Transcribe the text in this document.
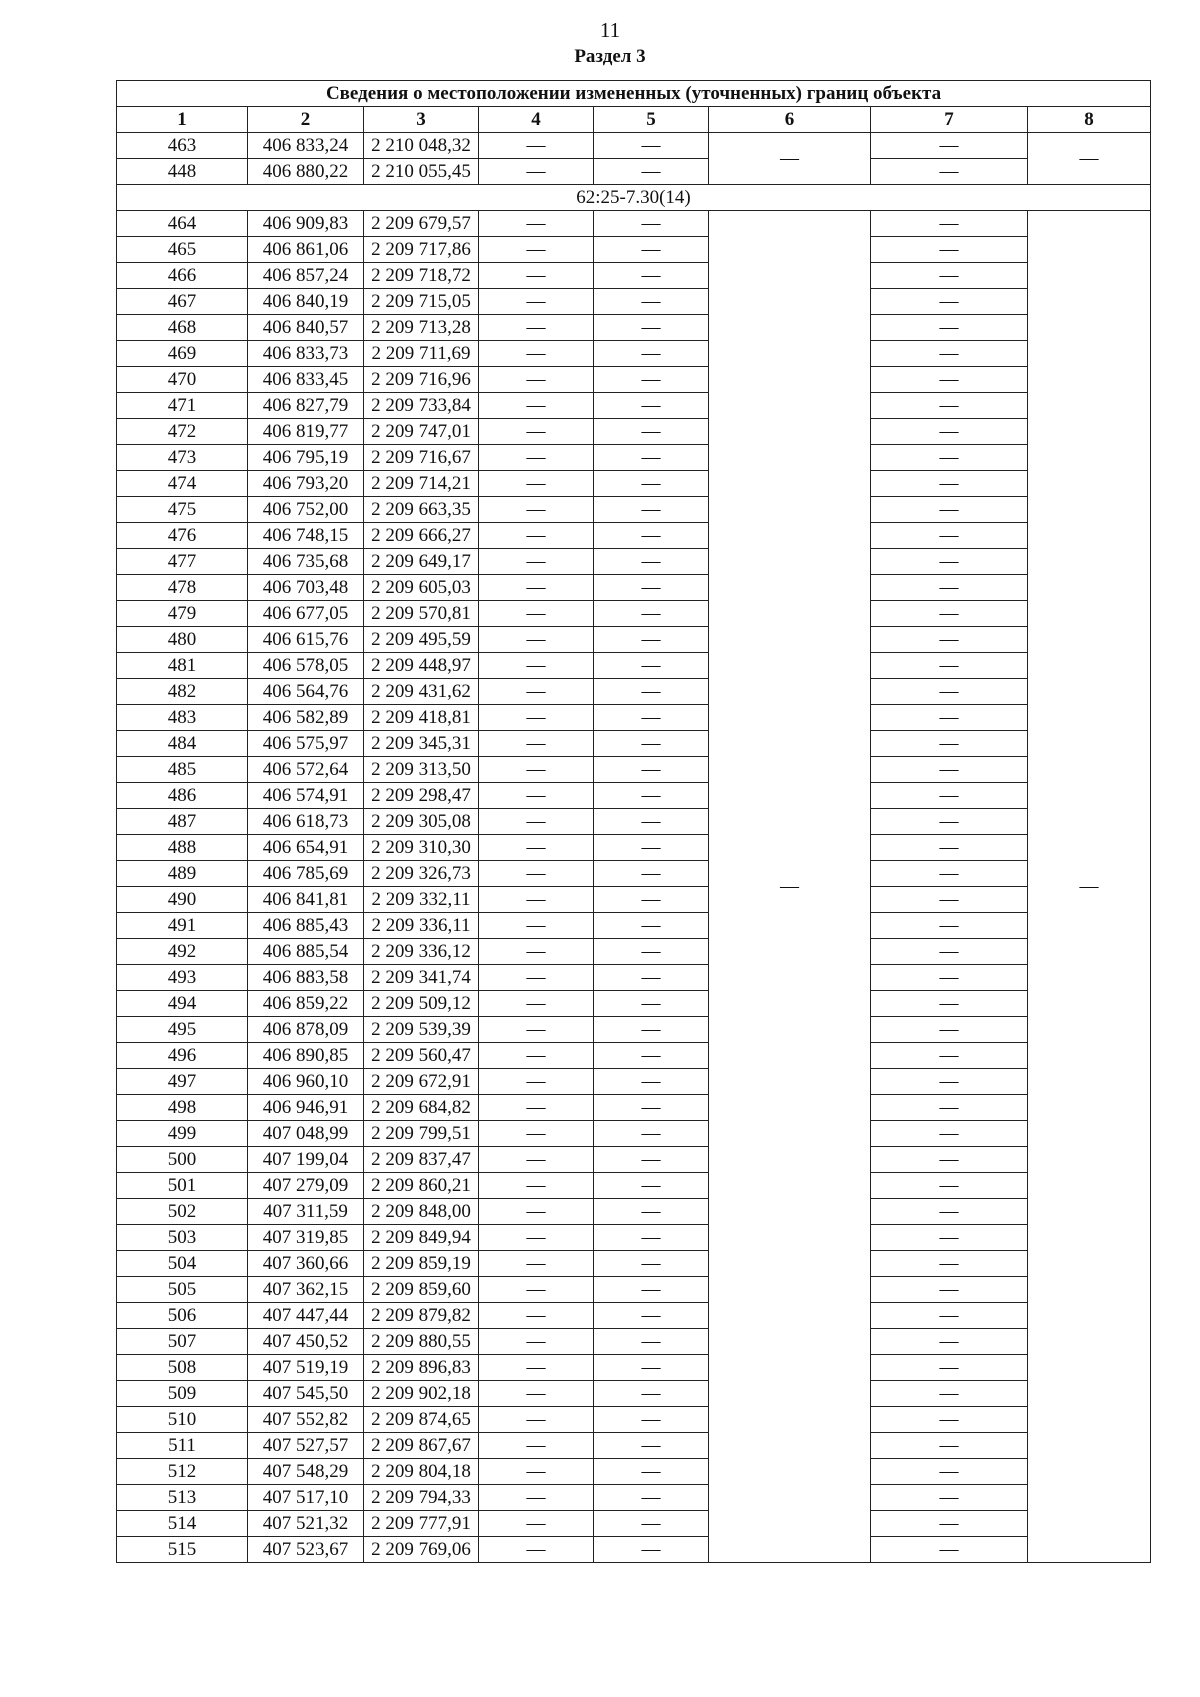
11
Раздел 3
Сведения о местоположении измененных (уточненных) границ объекта							
1	2	3	4	5	6	7	8
463	406 833,24	2 210 048,32	—	—	—	—	—
448	406 880,22	2 210 055,45	—	—		—	
62:25-7.30(14)							
464	406 909,83	2 209 679,57	—	—	—	—	—
465	406 861,06	2 209 717,86	—	—		—	
466	406 857,24	2 209 718,72	—	—		—	
467	406 840,19	2 209 715,05	—	—		—	
468	406 840,57	2 209 713,28	—	—		—	
469	406 833,73	2 209 711,69	—	—		—	
470	406 833,45	2 209 716,96	—	—		—	
471	406 827,79	2 209 733,84	—	—		—	
472	406 819,77	2 209 747,01	—	—		—	
473	406 795,19	2 209 716,67	—	—		—	
474	406 793,20	2 209 714,21	—	—		—	
475	406 752,00	2 209 663,35	—	—		—	
476	406 748,15	2 209 666,27	—	—		—	
477	406 735,68	2 209 649,17	—	—		—	
478	406 703,48	2 209 605,03	—	—		—	
479	406 677,05	2 209 570,81	—	—		—	
480	406 615,76	2 209 495,59	—	—		—	
481	406 578,05	2 209 448,97	—	—		—	
482	406 564,76	2 209 431,62	—	—		—	
483	406 582,89	2 209 418,81	—	—		—	
484	406 575,97	2 209 345,31	—	—		—	
485	406 572,64	2 209 313,50	—	—		—	
486	406 574,91	2 209 298,47	—	—		—	
487	406 618,73	2 209 305,08	—	—		—	
488	406 654,91	2 209 310,30	—	—		—	
489	406 785,69	2 209 326,73	—	—		—	
490	406 841,81	2 209 332,11	—	—		—	
491	406 885,43	2 209 336,11	—	—		—	
492	406 885,54	2 209 336,12	—	—		—	
493	406 883,58	2 209 341,74	—	—		—	
494	406 859,22	2 209 509,12	—	—		—	
495	406 878,09	2 209 539,39	—	—		—	
496	406 890,85	2 209 560,47	—	—		—	
497	406 960,10	2 209 672,91	—	—		—	
498	406 946,91	2 209 684,82	—	—		—	
499	407 048,99	2 209 799,51	—	—		—	
500	407 199,04	2 209 837,47	—	—		—	
501	407 279,09	2 209 860,21	—	—		—	
502	407 311,59	2 209 848,00	—	—		—	
503	407 319,85	2 209 849,94	—	—		—	
504	407 360,66	2 209 859,19	—	—		—	
505	407 362,15	2 209 859,60	—	—		—	
506	407 447,44	2 209 879,82	—	—		—	
507	407 450,52	2 209 880,55	—	—		—	
508	407 519,19	2 209 896,83	—	—		—	
509	407 545,50	2 209 902,18	—	—		—	
510	407 552,82	2 209 874,65	—	—		—	
511	407 527,57	2 209 867,67	—	—		—	
512	407 548,29	2 209 804,18	—	—		—	
513	407 517,10	2 209 794,33	—	—		—	
514	407 521,32	2 209 777,91	—	—		—	
515	407 523,67	2 209 769,06	—	—		—	
